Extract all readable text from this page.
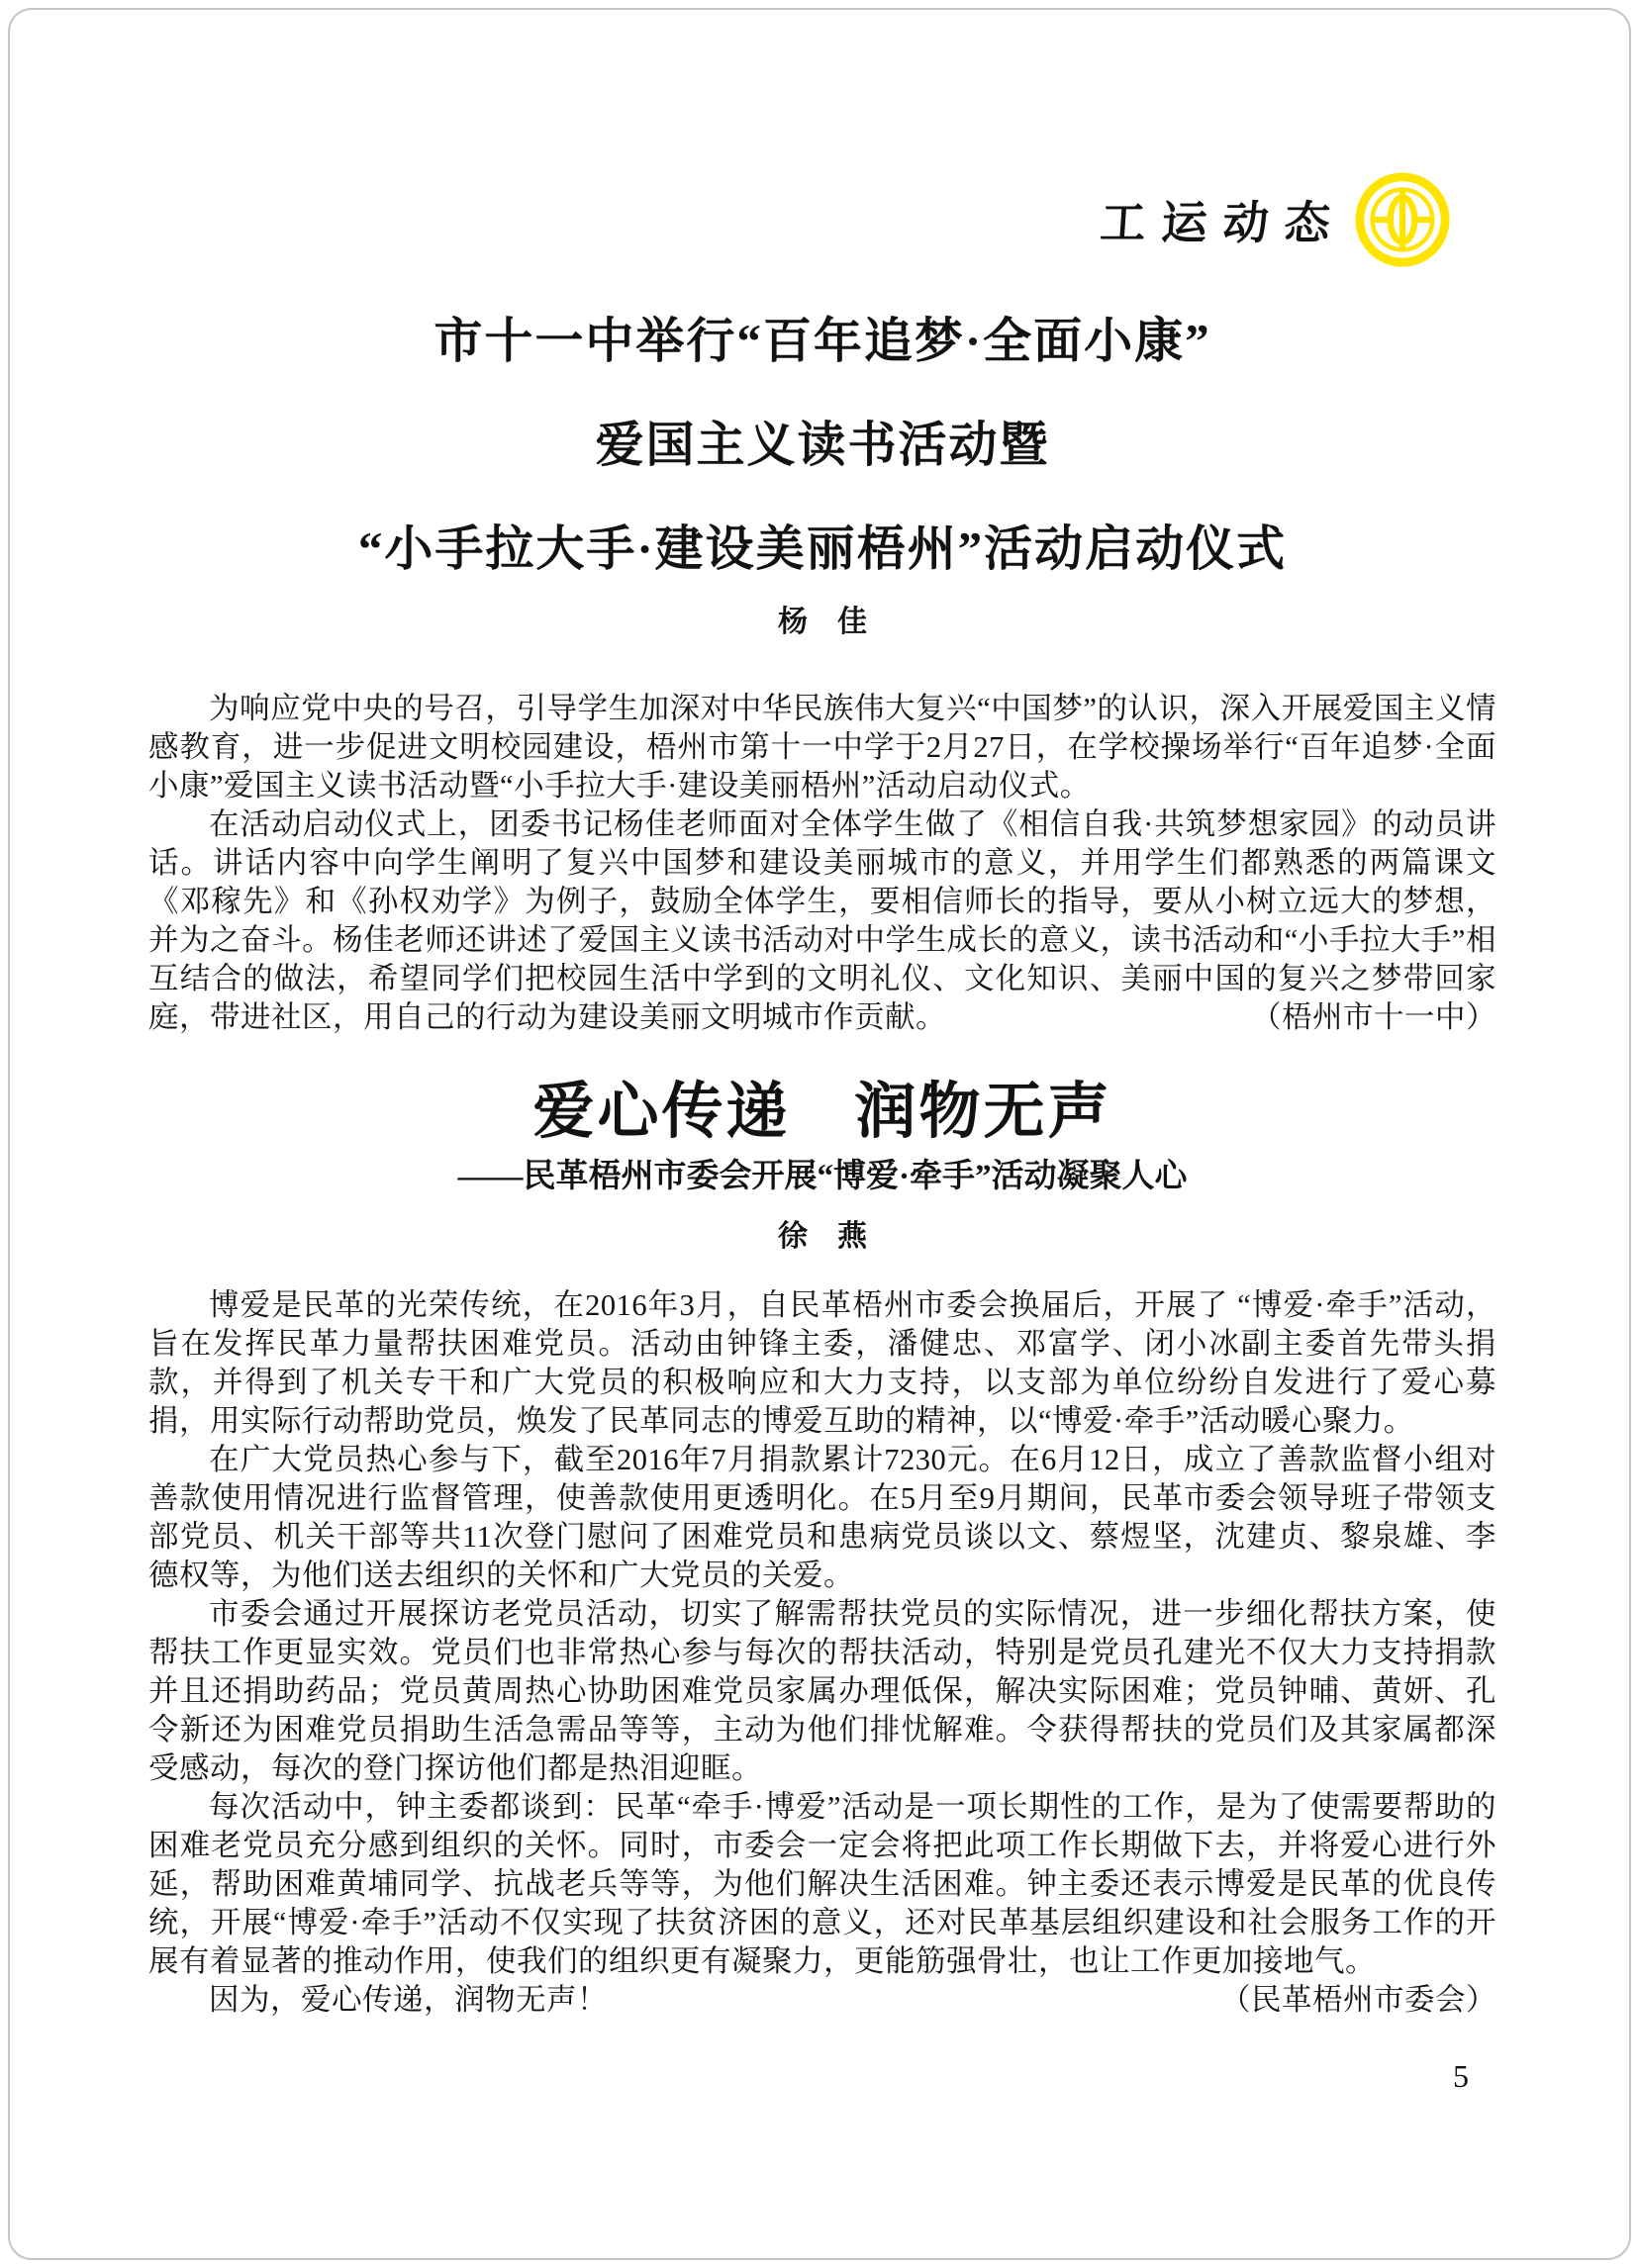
工运动态
市十一中举行“百年追梦·全面小康”
爱国主义读书活动暨
“小手拉大手·建设美丽梧州”活动启动仪式
杨　佳

为响应党中央的号召，引导学生加深对中华民族伟大复兴“中国梦”的认识，深入开展爱国主义情感教育，进一步促进文明校园建设，梧州市第十一中学于2月27日，在学校操场举行“百年追梦·全面小康”爱国主义读书活动暨“小手拉大手·建设美丽梧州”活动启动仪式。

在活动启动仪式上，团委书记杨佳老师面对全体学生做了《相信自我·共筑梦想家园》的动员讲话。讲话内容中向学生阐明了复兴中国梦和建设美丽城市的意义，并用学生们都熟悉的两篇课文《邓稼先》和《孙权劝学》为例子，鼓励全体学生，要相信师长的指导，要从小树立远大的梦想，并为之奋斗。杨佳老师还讲述了爱国主义读书活动对中学生成长的意义，读书活动和“小手拉大手”相互结合的做法，希望同学们把校园生活中学到的文明礼仪、文化知识、美丽中国的复兴之梦带回家庭，带进社区，用自己的行动为建设美丽文明城市作贡献。	（梧州市十一中）

爱心传递　润物无声
——民革梧州市委会开展“博爱·牵手”活动凝聚人心
徐　燕

博爱是民革的光荣传统，在2016年3月，自民革梧州市委会换届后，开展了 “博爱·牵手”活动，旨在发挥民革力量帮扶困难党员。活动由钟锋主委，潘健忠、邓富学、闭小冰副主委首先带头捐款，并得到了机关专干和广大党员的积极响应和大力支持，以支部为单位纷纷自发进行了爱心募捐，用实际行动帮助党员，焕发了民革同志的博爱互助的精神，以“博爱·牵手”活动暖心聚力。

在广大党员热心参与下，截至2016年7月捐款累计7230元。在6月12日，成立了善款监督小组对善款使用情况进行监督管理，使善款使用更透明化。在5月至9月期间，民革市委会领导班子带领支部党员、机关干部等共11次登门慰问了困难党员和患病党员谈以文、蔡煜坚，沈建贞、黎泉雄、李德权等，为他们送去组织的关怀和广大党员的关爱。

市委会通过开展探访老党员活动，切实了解需帮扶党员的实际情况，进一步细化帮扶方案，使帮扶工作更显实效。党员们也非常热心参与每次的帮扶活动，特别是党员孔建光不仅大力支持捐款并且还捐助药品；党员黄周热心协助困难党员家属办理低保，解决实际困难；党员钟晡、黄妍、孔令新还为困难党员捐助生活急需品等等，主动为他们排忧解难。令获得帮扶的党员们及其家属都深受感动，每次的登门探访他们都是热泪迎眶。

每次活动中，钟主委都谈到：民革“牵手·博爱”活动是一项长期性的工作，是为了使需要帮助的困难老党员充分感到组织的关怀。同时，市委会一定会将把此项工作长期做下去，并将爱心进行外延，帮助困难黄埔同学、抗战老兵等等，为他们解决生活困难。钟主委还表示博爱是民革的优良传统，开展“博爱·牵手”活动不仅实现了扶贫济困的意义，还对民革基层组织建设和社会服务工作的开展有着显著的推动作用，使我们的组织更有凝聚力，更能筋强骨壮，也让工作更加接地气。

因为，爱心传递，润物无声！	（民革梧州市委会）

5
